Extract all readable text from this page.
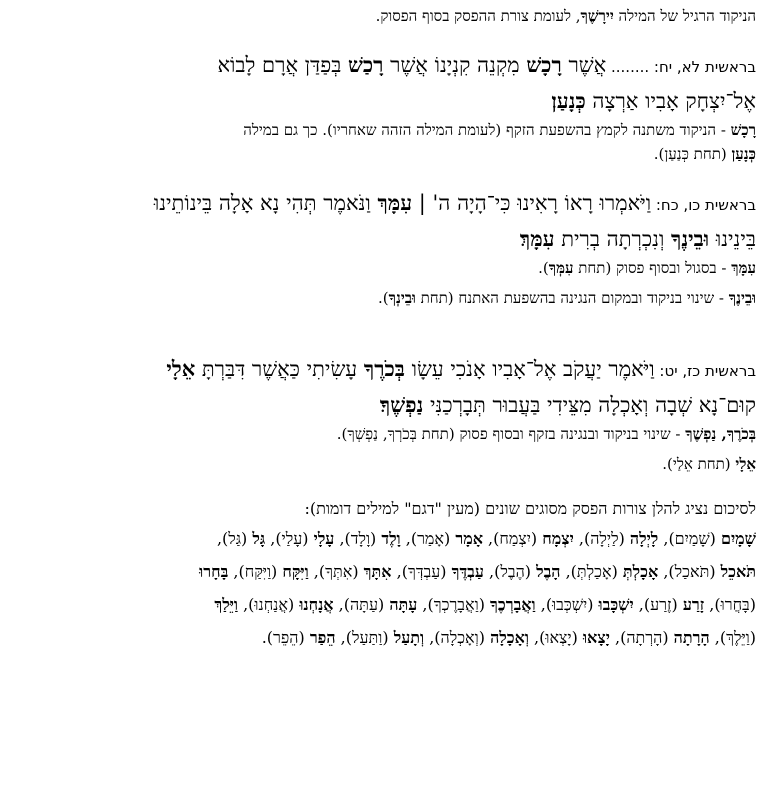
הניקוד הרגיל של המילה יִירָשֶׁךָ, לעומת צורת ההפסק בסוף הפסוק.

בראשית לא, יח: ........ אֲשֶׁר רָכָשׁ מִקְנֵה קִנְיָנוֹ אֲשֶׁר רָכַשׁ בְּפַדַּן אֲרָם לָבוֹא

אֶל־יִצְחָק אָבִיו אַרְצָה כְּנָעַן

רָכָשׁ - הניקוד משתנה לקמץ בהשפעת הזקף (לעומת המילה הזהה שאחריו). כך גם במילה

כְּנָעַן (תחת כְּנַעַן).

בראשית כו, כח: וַיֹּאמְרוּ רָאוֹ רָאִינוּ כִּי־הָיָה ה' | עִמָּךְ וַנֹּאמֶר תְּהִי נָא אָלָה בֵּינוֹתֵינוּ

בֵּינֵינוּ וּבֵינֶךָ וְנִכְרְתָה בְרִית עִמָּךְ

עִמָּךְ - בסגול ובסוף פסוק (תחת עִמְּךָ).

וּבֵינֶךָ - שינוי בניקוד ובמקום הנגינה בהשפעת האתנח (תחת וּבֵינְךָ).

בראשית כז, יט: וַיֹּאמֶר יַעֲקֹב אֶל־אָבִיו אָנֹכִי עֵשָׂו בְּכֹרֶךָ עָשִׂיתִי כַּאֲשֶׁר דִּבַּרְתָּ אֵלָי

קוּם־נָא שְׁבָה וְאָכְלָה מִצֵּידִי בַּעֲבוּר תְּבָרְכַנִּי נַפְשֶׁךָ

בְּכֹרֶךָ, נַפְשֶׁךָ - שינוי בניקוד ובנגינה בזקף ובסוף פסוק (תחת בְּכֹרְךָ, נַפְשְׁךָ).

אֵלָי (תחת אֵלַי).

לסיכום נציג להלן צורות הפסק מסוגים שונים (מעין "דגם" למילים דומות):

שָׁמָיִם (שָׁמַיִם), לָיְלָה (לַיְלָה), יִצְמָח (יִצְמַח), אָמָר (אָמַר), וָלֶד (וָלָד), עָלָי (עָלַי), גָּל (גַּל),

תֹּאכֵל (תֹּאכַל), אָכָלְתְּ (אָכַלְתְּ), הָבֶל (הֶבֶל), עַבְדֶּךָ (עַבְדְּךָ), אִתָּךְ (אִתְּךָ), וַיִּקָּח (וַיִּקַּח), בָּחָרוּ

(בָּחֲרוּ), זָרַע (זֶרַע), יִשְׁכָּבוּ (יִשְׁכְּבוּ), וַאֲבָרְכֶךָ (וַאֲבָרֶכְךָ), עָתָּה (עַתָּה), אֲנָחְנוּ (אֲנַחְנוּ), וַיֵּלַךְ

(וַיֵּלֶךְ), הָרָתָה (הָרְתָה), יָצָאוּ (יָצְאוּ), וְאָכָלָה (וְאָכְלָה), וְתָעַל (וַתַּעַל), הֵפַר (הֵפֵר).
